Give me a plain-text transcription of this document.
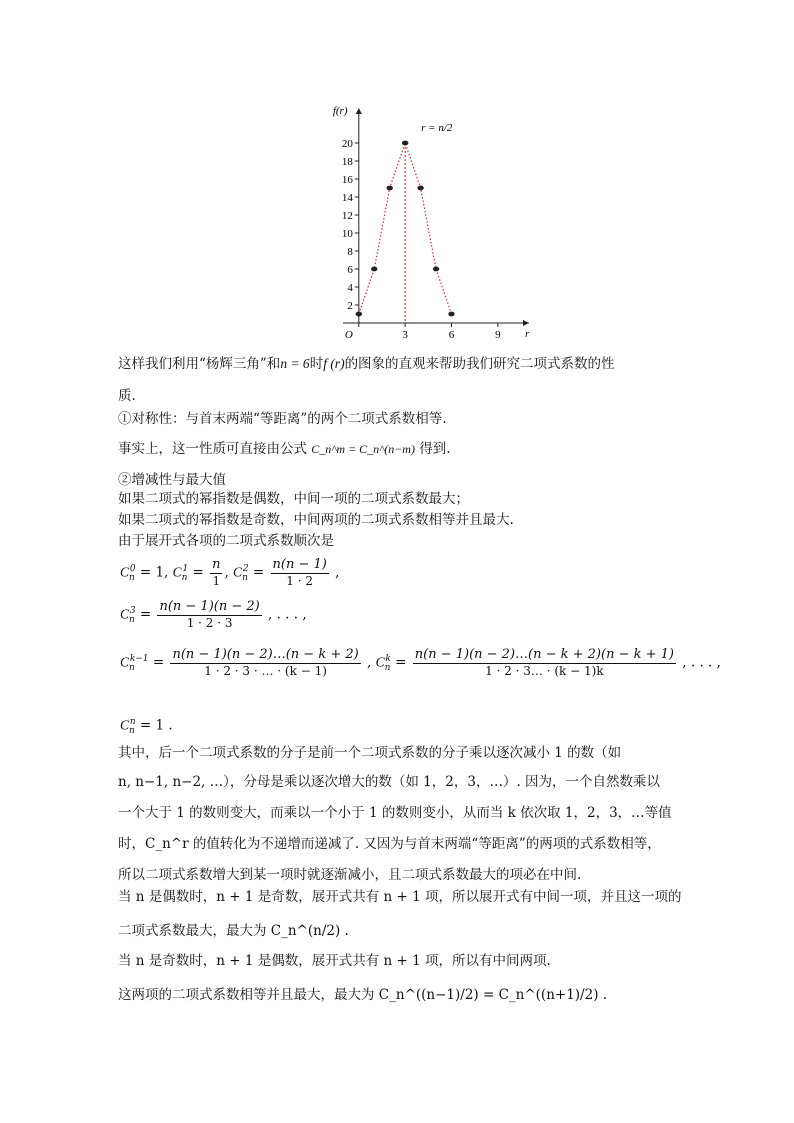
2
4
6
8
10
12
14
16
18
20
3	6	9
O	r
f(r)
r = n/2
这样我们利用“杨辉三角”和n = 6时f (r)的图象的直观来帮助我们研究二项式系数的性
质.
①对称性：与首末两端“等距离”的两个二项式系数相等.
事实上，这一性质可直接由公式 C_n^m = C_n^(n−m) 得到.
②增减性与最大值
如果二项式的幂指数是偶数，中间一项的二项式系数最大；
如果二项式的幂指数是奇数，中间两项的二项式系数相等并且最大.
由于展开式各项的二项式系数顺次是
$C_n^0 = 1$, $C_n^1 = \frac{n}{1}$ , $C_n^2 = \frac{n(n - 1)}{1 \cdot 2}$ ,
$C_n^3 = \frac{n(n - 1)(n - 2)}{1 \cdot 2 \cdot 3}$ , . . . ,
$C_n^{k-1} = \frac{n(n - 1)(n - 2)\dots(n - k + 2)}{1 \cdot 2 \cdot 3 \cdot \dots \cdot (k - 1)}$ , $C_n^k = \frac{n(n - 1)(n - 2)\dots(n - k + 2)(n - k + 1)}{1 \cdot 2 \cdot 3\dots \cdot (k - 1)k}$ , . . . ,
$C_n^n = 1$ .
其中，后一个二项式系数的分子是前一个二项式系数的分子乘以逐次减小 1 的数（如
n, n−1, n−2, …），分母是乘以逐次增大的数（如 1，2，3，…）. 因为，一个自然数乘以
一个大于 1 的数则变大，而乘以一个小于 1 的数则变小，从而当 k 依次取 1，2，3，…等值
时，C_n^r 的值转化为不递增而递减了. 又因为与首末两端“等距离”的两项的式系数相等，
所以二项式系数增大到某一项时就逐渐减小，且二项式系数最大的项必在中间.
当 n 是偶数时，n + 1 是奇数，展开式共有 n + 1 项，所以展开式有中间一项，并且这一项的
二项式系数最大，最大为 C_n^(n/2) .
当 n 是奇数时，n + 1 是偶数，展开式共有 n + 1 项，所以有中间两项.
这两项的二项式系数相等并且最大，最大为 C_n^((n−1)/2) = C_n^((n+1)/2) .
